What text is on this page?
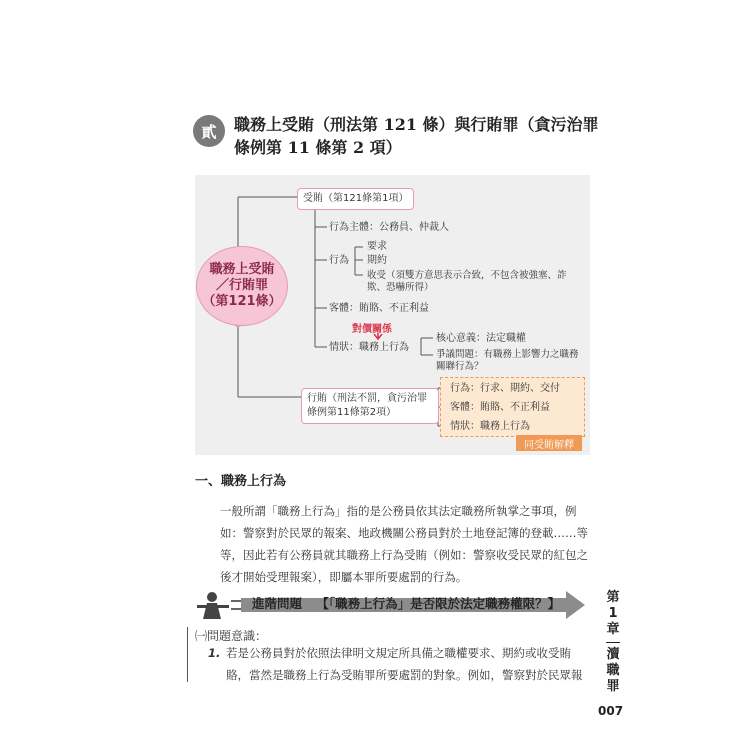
貳	職務上受賄（刑法第 121 條）與行賄罪（貪污治罪條例第 11 條第 2 項）
職務上受賄
／行賄罪
（第121條）
受賄（第121條第1項）
行為主體：公務員、仲裁人
行為
要求
期約
收受（須雙方意思表示合致，不包含被強塞、詐欺、恐嚇所得）
客體：賄賂、不正利益
對價關係
情狀：職務上行為
核心意義：法定職權
爭議問題：有職務上影響力之職務關聯行為？
行賄（刑法不罰，貪污治罪條例第11條第2項）
行為：行求、期約、交付
客體：賄賂、不正利益
情狀：職務上行為
同受賄解釋
一、職務上行為
一般所謂「職務上行為」指的是公務員依其法定職務所執掌之事項，例如：警察對於民眾的報案、地政機關公務員對於土地登記簿的登載……等等，因此若有公務員就其職務上行為受賄（例如：警察收受民眾的紅包之後才開始受理報案），即屬本罪所要處罰的行為。
進階問題 【「職務上行為」是否限於法定職務權限？】
㈠問題意識：
1. 若是公務員對於依照法律明文規定所具備之職權要求、期約或收受賄賂，當然是職務上行為受賄罪所要處罰的對象。例如，警察對於民眾報
第
1
章
瀆
職
罪
007
